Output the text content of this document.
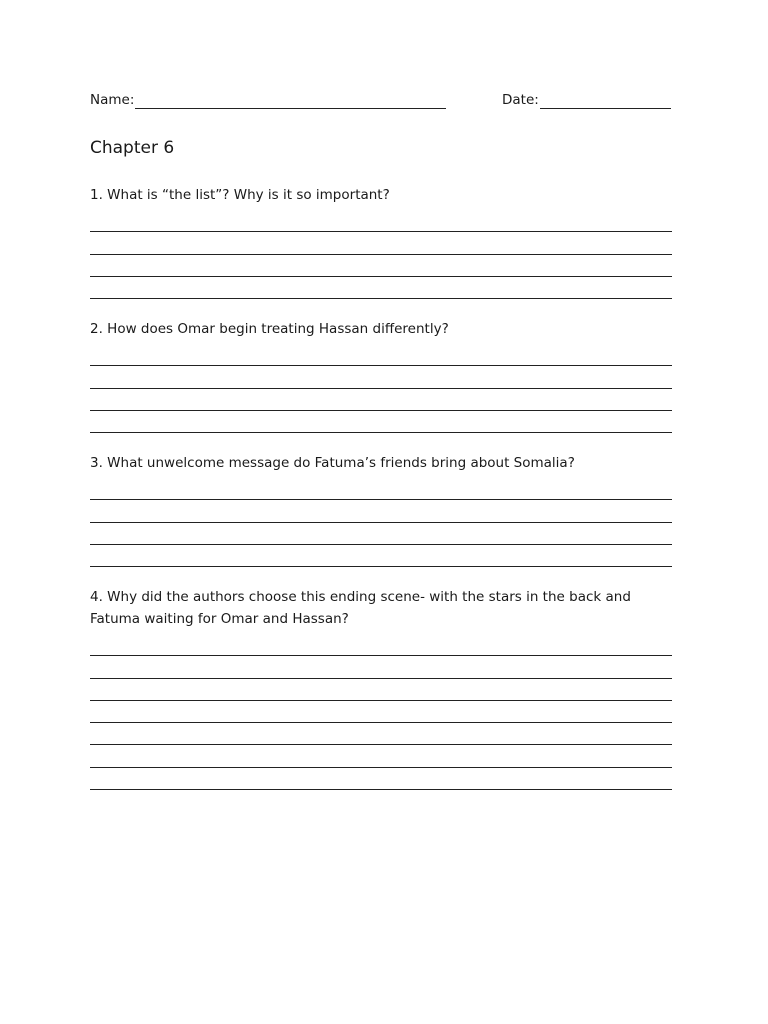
Name:	Date:
Chapter 6

1. What is “the list”? Why is it so important?

2. How does Omar begin treating Hassan differently?

3. What unwelcome message do Fatuma’s friends bring about Somalia?

4. Why did the authors choose this ending scene- with the stars in the back and Fatuma waiting for Omar and Hassan?
